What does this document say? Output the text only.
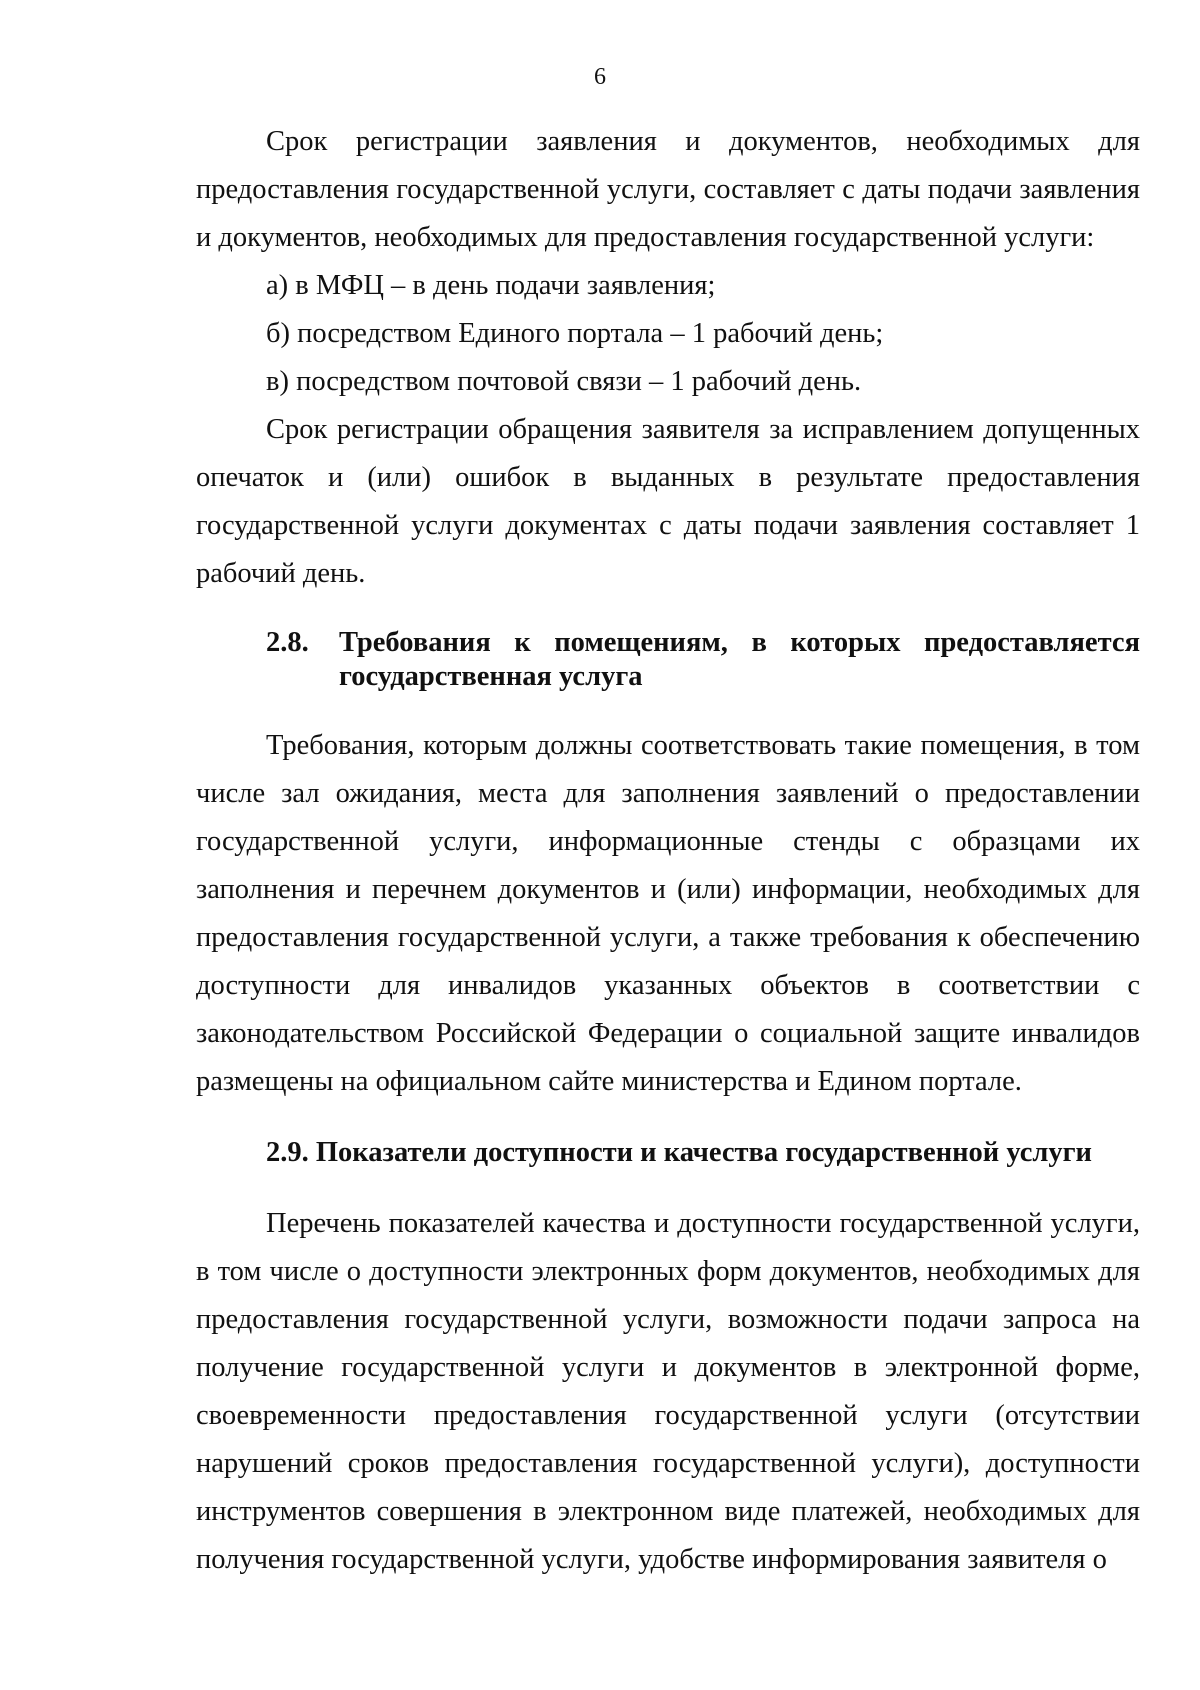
6

Срок регистрации заявления и документов, необходимых для предоставления государственной услуги, составляет с даты подачи заявления и документов, необходимых для предоставления государственной услуги:

а) в МФЦ – в день подачи заявления;

б) посредством Единого портала – 1 рабочий день;

в) посредством почтовой связи – 1 рабочий день.

Срок регистрации обращения заявителя за исправлением допущенных опечаток и (или) ошибок в выданных в результате предоставления государственной услуги документах с даты подачи заявления составляет 1 рабочий день.

2.8. Требования к помещениям, в которых предоставляется государственная услуга

Требования, которым должны соответствовать такие помещения, в том числе зал ожидания, места для заполнения заявлений о предоставлении государственной услуги, информационные стенды с образцами их заполнения и перечнем документов и (или) информации, необходимых для предоставления государственной услуги, а также требования к обеспечению доступности для инвалидов указанных объектов в соответствии с законодательством Российской Федерации о социальной защите инвалидов размещены на официальном сайте министерства и Едином портале.

2.9. Показатели доступности и качества государственной услуги

Перечень показателей качества и доступности государственной услуги, в том числе о доступности электронных форм документов, необходимых для предоставления государственной услуги, возможности подачи запроса на получение государственной услуги и документов в электронной форме, своевременности предоставления государственной услуги (отсутствии нарушений сроков предоставления государственной услуги), доступности инструментов совершения в электронном виде платежей, необходимых для получения государственной услуги, удобстве информирования заявителя о
